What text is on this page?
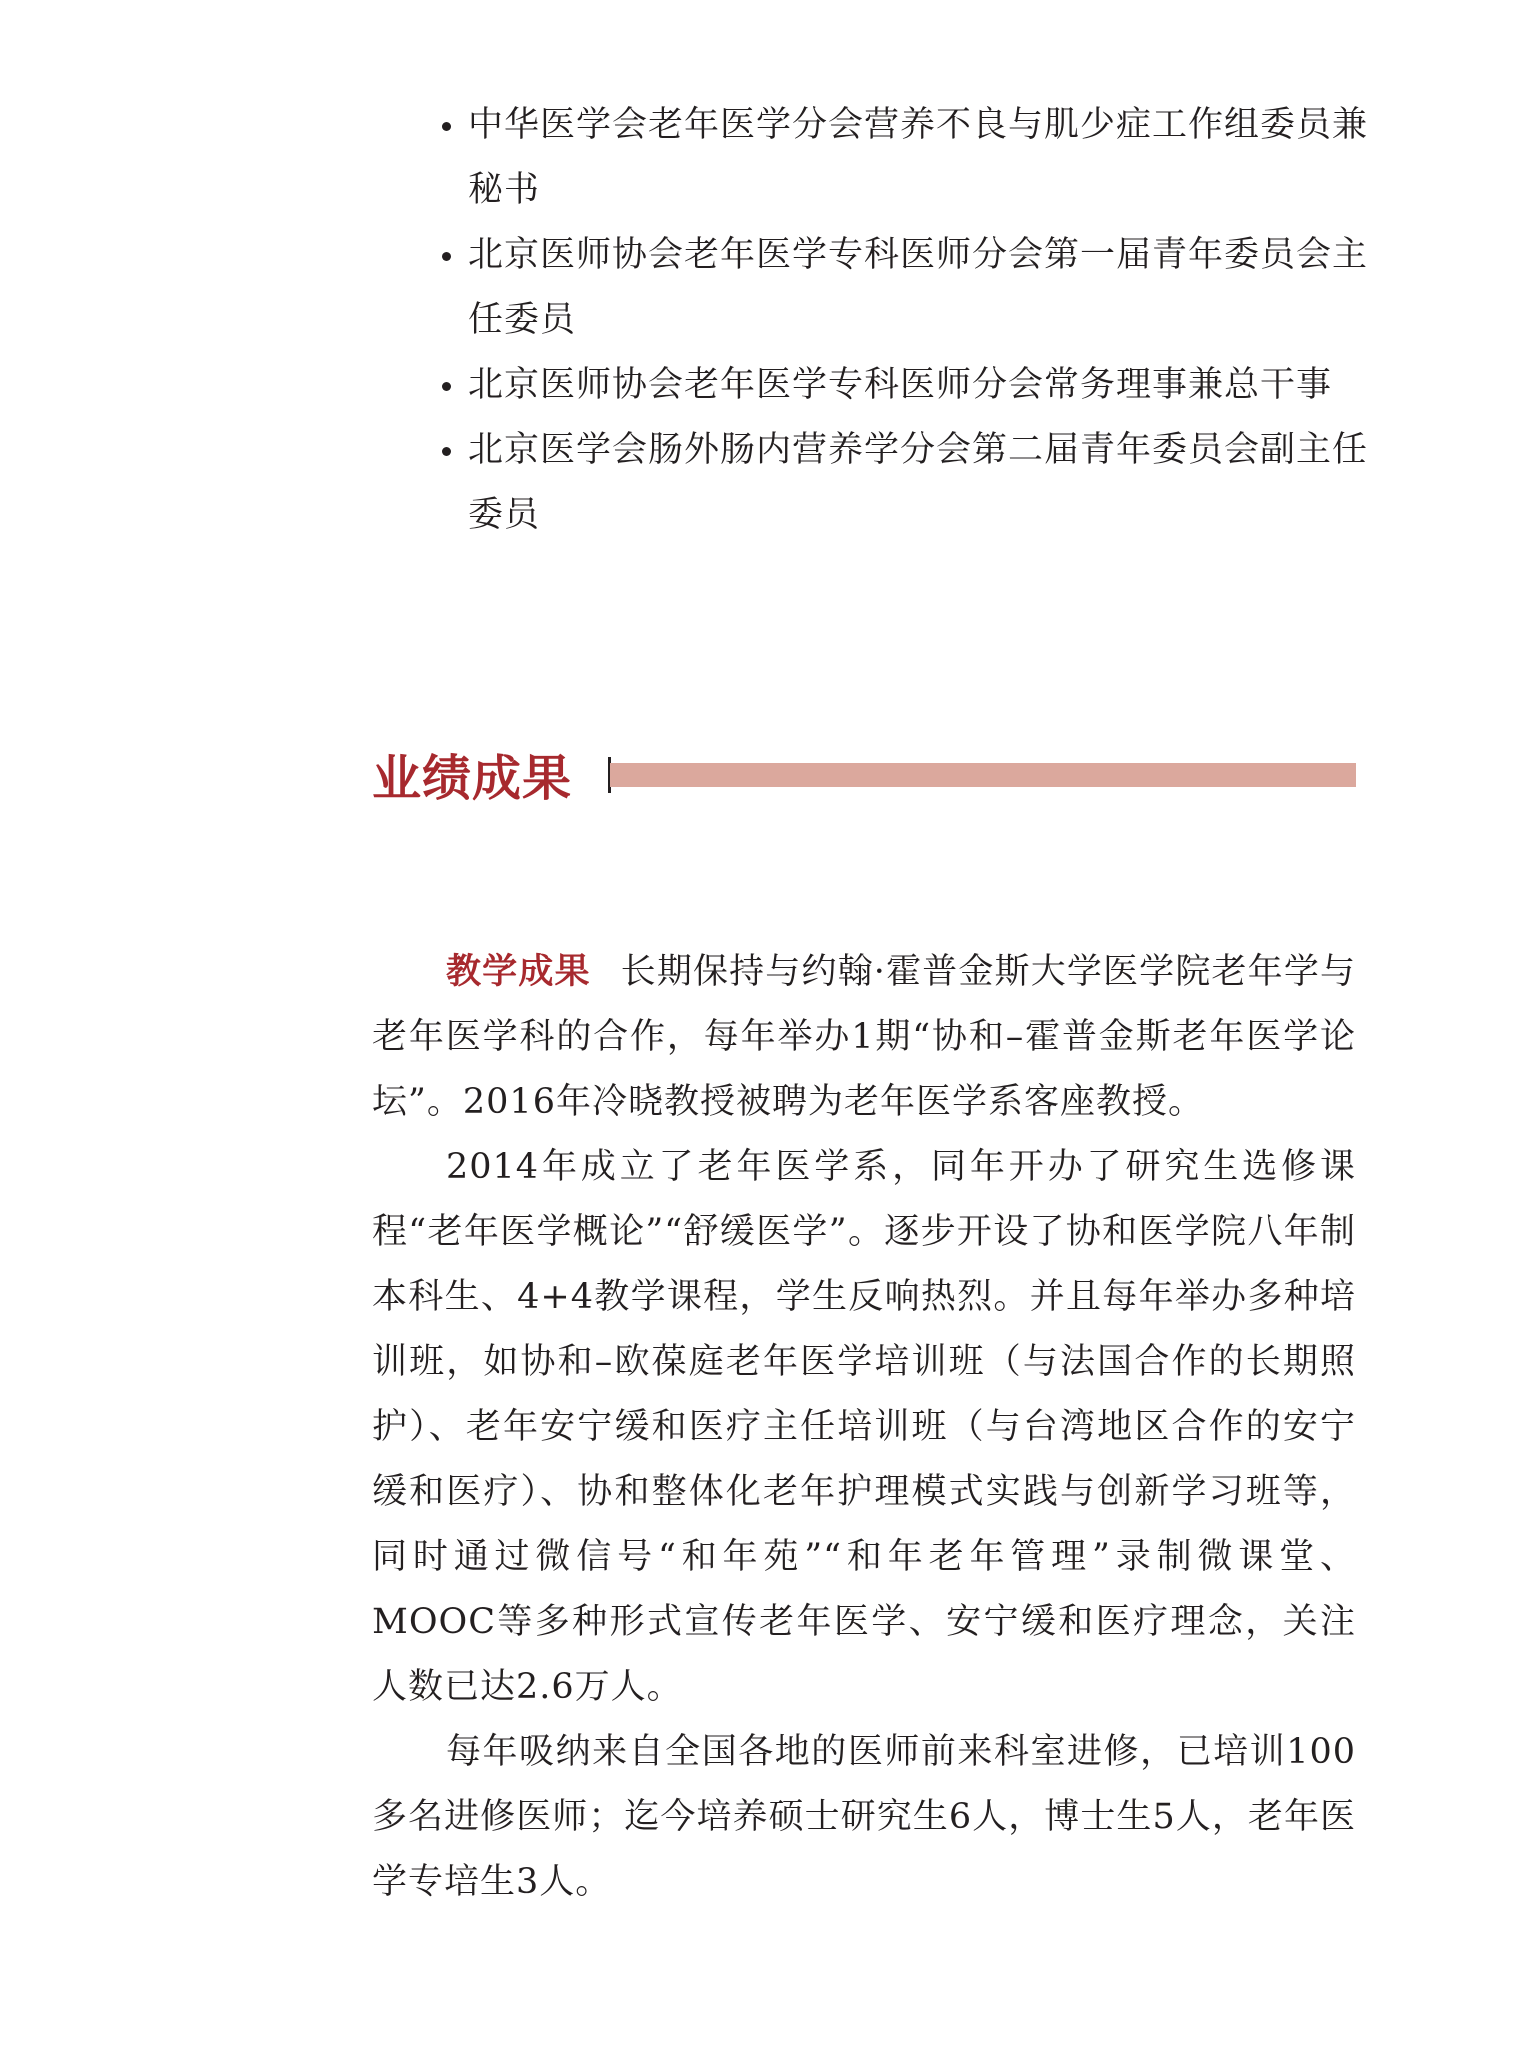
中华医学会老年医学分会营养不良与肌少症工作组委员兼秘书
北京医师协会老年医学专科医师分会第一届青年委员会主任委员
北京医师协会老年医学专科医师分会常务理事兼总干事
北京医学会肠外肠内营养学分会第二届青年委员会副主任委员
业绩成果

教学成果 长期保持与约翰·霍普金斯大学医学院老年学与老年医学科的合作，每年举办1期“协和–霍普金斯老年医学论坛”。2016年冷晓教授被聘为老年医学系客座教授。

2014年成立了老年医学系，同年开办了研究生选修课程“老年医学概论”“舒缓医学”。逐步开设了协和医学院八年制本科生、4+4教学课程，学生反响热烈。并且每年举办多种培训班，如协和–欧葆庭老年医学培训班（与法国合作的长期照护）、老年安宁缓和医疗主任培训班（与台湾地区合作的安宁缓和医疗）、协和整体化老年护理模式实践与创新学习班等，同时通过微信号“和年苑”“和年老年管理”录制微课堂、MOOC等多种形式宣传老年医学、安宁缓和医疗理念，关注人数已达2.6万人。

每年吸纳来自全国各地的医师前来科室进修，已培训100多名进修医师；迄今培养硕士研究生6人，博士生5人，老年医学专培生3人。
